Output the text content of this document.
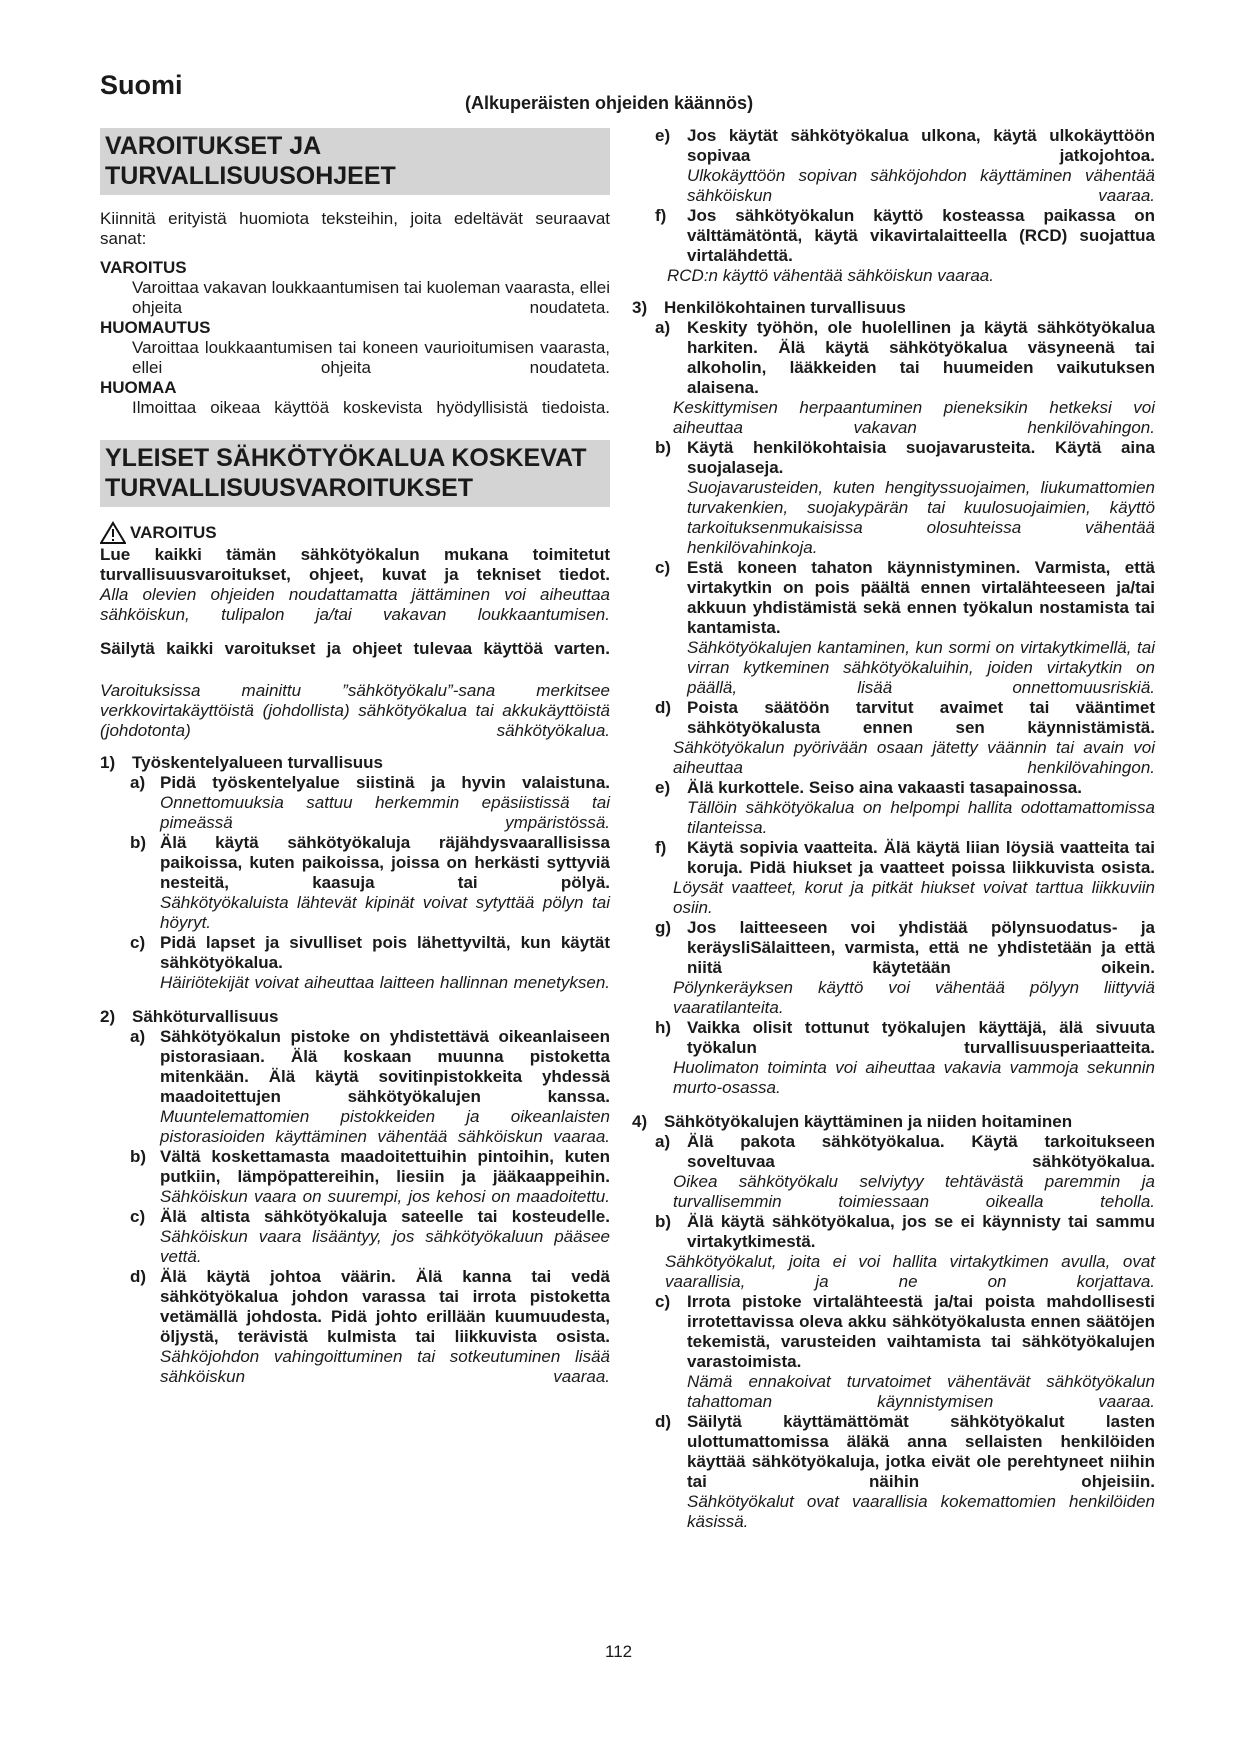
Suomi
(Alkuperäisten ohjeiden käännös)
VAROITUKSET JA TURVALLISUUSOHJEET

Kiinnitä erityistä huomiota teksteihin, joita edeltävät seuraavat sanat:

VAROITUS

Varoittaa vakavan loukkaantumisen tai kuoleman vaarasta, ellei ohjeita noudateta.

HUOMAUTUS

Varoittaa loukkaantumisen tai koneen vaurioitumisen vaarasta, ellei ohjeita noudateta.

HUOMAA

Ilmoittaa oikeaa käyttöä koskevista hyödyllisistä tiedoista.

YLEISET SÄHKÖTYÖKALUA KOSKEVAT TURVALLISUUSVAROITUKSET
VAROITUS

Lue kaikki tämän sähkötyökalun mukana toimitetut turvallisuusvaroitukset, ohjeet, kuvat ja tekniset tiedot.

Alla olevien ohjeiden noudattamatta jättäminen voi aiheuttaa sähköiskun, tulipalon ja/tai vakavan loukkaantumisen.

Säilytä kaikki varoitukset ja ohjeet tulevaa käyttöä varten.

Varoituksissa mainittu ”sähkötyökalu”-sana merkitsee verkkovirtakäyttöistä (johdollista) sähkötyökalua tai akkukäyttöistä (johdotonta) sähkötyökalua.

1) Työskentelyalueen turvallisuus
a) Pidä työskentelyalue siistinä ja hyvin valaistuna.

Onnettomuuksia sattuu herkemmin epäsiistissä tai pimeässä ympäristössä.

b) Älä käytä sähkötyökaluja räjähdysvaarallisissa paikoissa, kuten paikoissa, joissa on herkästi syttyviä nesteitä, kaasuja tai pölyä.

Sähkötyökaluista lähtevät kipinät voivat sytyttää pölyn tai höyryt.

c) Pidä lapset ja sivulliset pois lähettyviltä, kun käytät sähkötyökalua.

Häiriötekijät voivat aiheuttaa laitteen hallinnan menetyksen.

2) Sähköturvallisuus
a) Sähkötyökalun pistoke on yhdistettävä oikeanlaiseen pistorasiaan. Älä koskaan muunna pistoketta mitenkään. Älä käytä sovitinpistokkeita yhdessä maadoitettujen sähkötyökalujen kanssa.

Muuntelemattomien pistokkeiden ja oikeanlaisten pistorasioiden käyttäminen vähentää sähköiskun vaaraa.

b) Vältä koskettamasta maadoitettuihin pintoihin, kuten putkiin, lämpöpattereihin, liesiin ja jääkaappeihin.

Sähköiskun vaara on suurempi, jos kehosi on maadoitettu.

c) Älä altista sähkötyökaluja sateelle tai kosteudelle.

Sähköiskun vaara lisääntyy, jos sähkötyökaluun pääsee vettä.

d) Älä käytä johtoa väärin. Älä kanna tai vedä sähkötyökalua johdon varassa tai irrota pistoketta vetämällä johdosta. Pidä johto erillään kuumuudesta, öljystä, terävistä kulmista tai liikkuvista osista.

Sähköjohdon vahingoittuminen tai sotkeutuminen lisää sähköiskun vaaraa.

e) Jos käytät sähkötyökalua ulkona, käytä ulkokäyttöön sopivaa jatkojohtoa.

Ulkokäyttöön sopivan sähköjohdon käyttäminen vähentää sähköiskun vaaraa.

f)	Jos sähkötyökalun käyttö kosteassa paikassa on välttämätöntä, käytä vikavirtalaitteella (RCD) suojattua virtalähdettä.

RCD:n käyttö vähentää sähköiskun vaaraa.

3) Henkilökohtainen turvallisuus
a) Keskity työhön, ole huolellinen ja käytä sähkötyökalua harkiten. Älä käytä sähkötyökalua väsyneenä tai alkoholin, lääkkeiden tai huumeiden vaikutuksen alaisena.

Keskittymisen herpaantuminen pieneksikin hetkeksi voi aiheuttaa vakavan henkilövahingon.

b) Käytä henkilökohtaisia suojavarusteita. Käytä aina suojalaseja.

Suojavarusteiden, kuten hengityssuojaimen, liukumattomien turvakenkien, suojakypärän tai kuulosuojaimien, käyttö tarkoituksenmukaisissa olosuhteissa vähentää henkilövahinkoja.

c) Estä koneen tahaton käynnistyminen. Varmista, että virtakytkin on pois päältä ennen virtalähteeseen ja/tai akkuun yhdistämistä sekä ennen työkalun nostamista tai kantamista.

Sähkötyökalujen kantaminen, kun sormi on virtakytkimellä, tai virran kytkeminen sähkötyökaluihin, joiden virtakytkin on päällä, lisää onnettomuusriskiä.

d) Poista säätöön tarvitut avaimet tai vääntimet sähkötyökalusta ennen sen käynnistämistä.

Sähkötyökalun pyörivään osaan jätetty väännin tai avain voi aiheuttaa henkilövahingon.

e) Älä kurkottele. Seiso aina vakaasti tasapainossa.

Tällöin sähkötyökalua on helpompi hallita odottamattomissa tilanteissa.

f)	Käytä sopivia vaatteita. Älä käytä liian löysiä vaatteita tai koruja. Pidä hiukset ja vaatteet poissa liikkuvista osista.

Löysät vaatteet, korut ja pitkät hiukset voivat tarttua liikkuviin osiin.

g) Jos laitteeseen voi yhdistää pölynsuodatus- ja keräysliSälaitteen, varmista, että ne yhdistetään ja että niitä käytetään oikein.

Pölynkeräyksen käyttö voi vähentää pölyyn liittyviä vaaratilanteita.

h) Vaikka olisit tottunut työkalujen käyttäjä, älä sivuuta työkalun turvallisuusperiaatteita.

Huolimaton toiminta voi aiheuttaa vakavia vammoja sekunnin murto-osassa.

4) Sähkötyökalujen käyttäminen ja niiden hoitaminen
a) Älä pakota sähkötyökalua. Käytä tarkoitukseen soveltuvaa sähkötyökalua.

Oikea sähkötyökalu selviytyy tehtävästä paremmin ja turvallisemmin toimiessaan oikealla teholla.

b) Älä käytä sähkötyökalua, jos se ei käynnisty tai sammu virtakytkimestä.

Sähkötyökalut, joita ei voi hallita virtakytkimen avulla, ovat vaarallisia, ja ne on korjattava.

c) Irrota pistoke virtalähteestä ja/tai poista mahdollisesti irrotettavissa oleva akku sähkötyökalusta ennen säätöjen tekemistä, varusteiden vaihtamista tai sähkötyökalujen varastoimista.

Nämä ennakoivat turvatoimet vähentävät sähkötyökalun tahattoman käynnistymisen vaaraa.

d) Säilytä käyttämättömät sähkötyökalut lasten ulottumattomissa äläkä anna sellaisten henkilöiden käyttää sähkötyökaluja, jotka eivät ole perehtyneet niihin tai näihin ohjeisiin.

Sähkötyökalut ovat vaarallisia kokemattomien henkilöiden käsissä.

112
